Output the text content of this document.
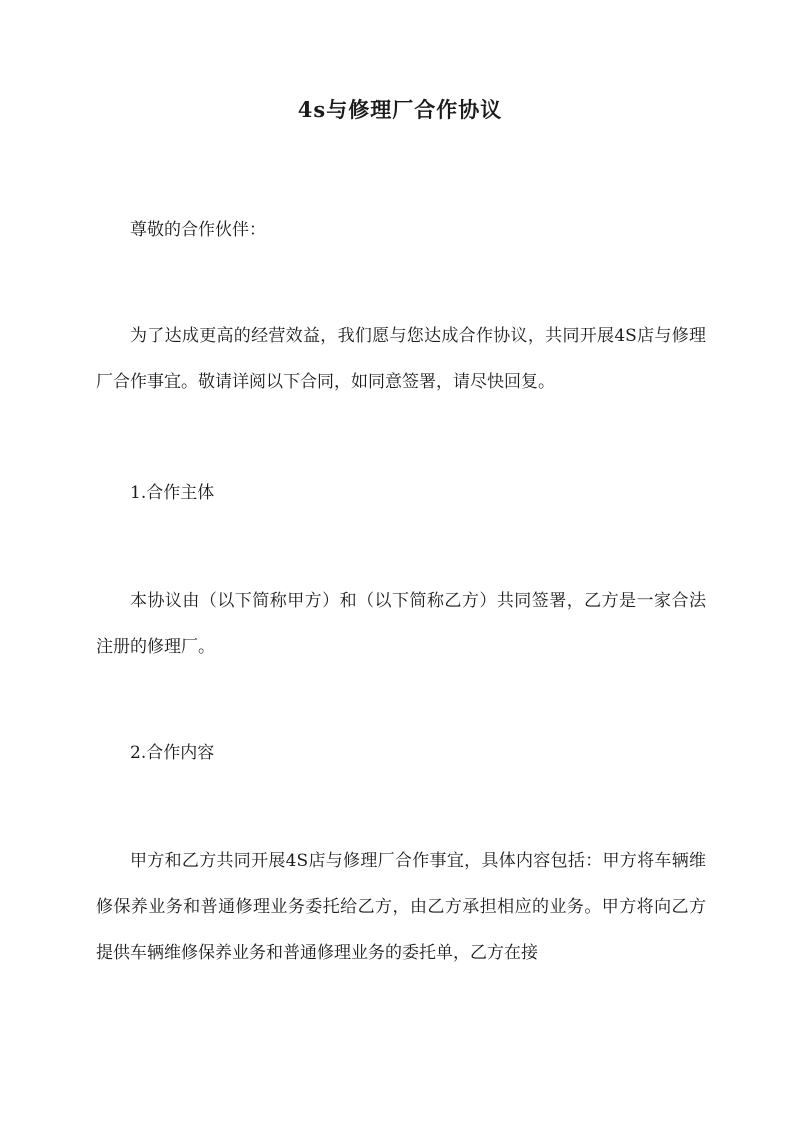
4s与修理厂合作协议

尊敬的合作伙伴：

为了达成更高的经营效益，我们愿与您达成合作协议，共同开展4S店与修理厂合作事宜。敬请详阅以下合同，如同意签署，请尽快回复。

1.合作主体

本协议由（以下简称甲方）和（以下简称乙方）共同签署，乙方是一家合法注册的修理厂。

2.合作内容

甲方和乙方共同开展4S店与修理厂合作事宜，具体内容包括：甲方将车辆维修保养业务和普通修理业务委托给乙方，由乙方承担相应的业务。甲方将向乙方提供车辆维修保养业务和普通修理业务的委托单，乙方在接
